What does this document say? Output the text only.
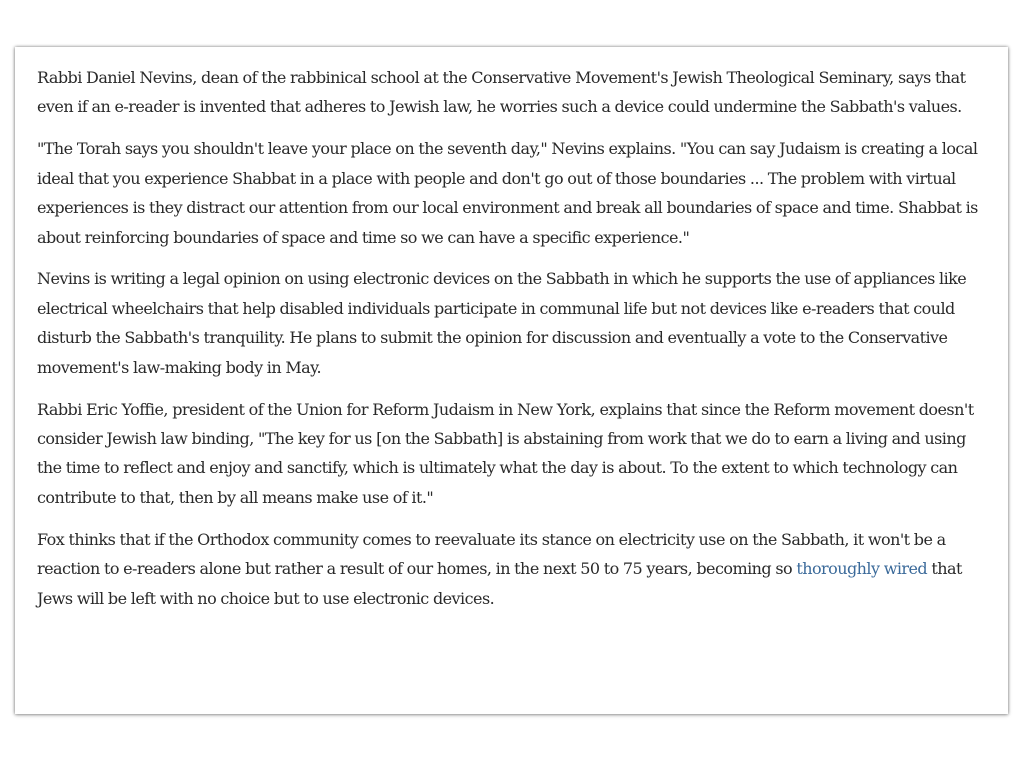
Rabbi Daniel Nevins, dean of the rabbinical school at the Conservative Movement's Jewish Theological Seminary, says that even if an e-reader is invented that adheres to Jewish law, he worries such a device could undermine the Sabbath's values.

"The Torah says you shouldn't leave your place on the seventh day," Nevins explains. "You can say Judaism is creating a local ideal that you experience Shabbat in a place with people and don't go out of those boundaries ... The problem with virtual experiences is they distract our attention from our local environment and break all boundaries of space and time. Shabbat is about reinforcing boundaries of space and time so we can have a specific experience."

Nevins is writing a legal opinion on using electronic devices on the Sabbath in which he supports the use of appliances like electrical wheelchairs that help disabled individuals participate in communal life but not devices like e-readers that could disturb the Sabbath's tranquility. He plans to submit the opinion for discussion and eventually a vote to the Conservative movement's law-making body in May.

Rabbi Eric Yoffie, president of the Union for Reform Judaism in New York, explains that since the Reform movement doesn't consider Jewish law binding, "The key for us [on the Sabbath] is abstaining from work that we do to earn a living and using the time to reflect and enjoy and sanctify, which is ultimately what the day is about. To the extent to which technology can contribute to that, then by all means make use of it."

Fox thinks that if the Orthodox community comes to reevaluate its stance on electricity use on the Sabbath, it won't be a reaction to e-readers alone but rather a result of our homes, in the next 50 to 75 years, becoming so thoroughly wired that Jews will be left with no choice but to use electronic devices.
